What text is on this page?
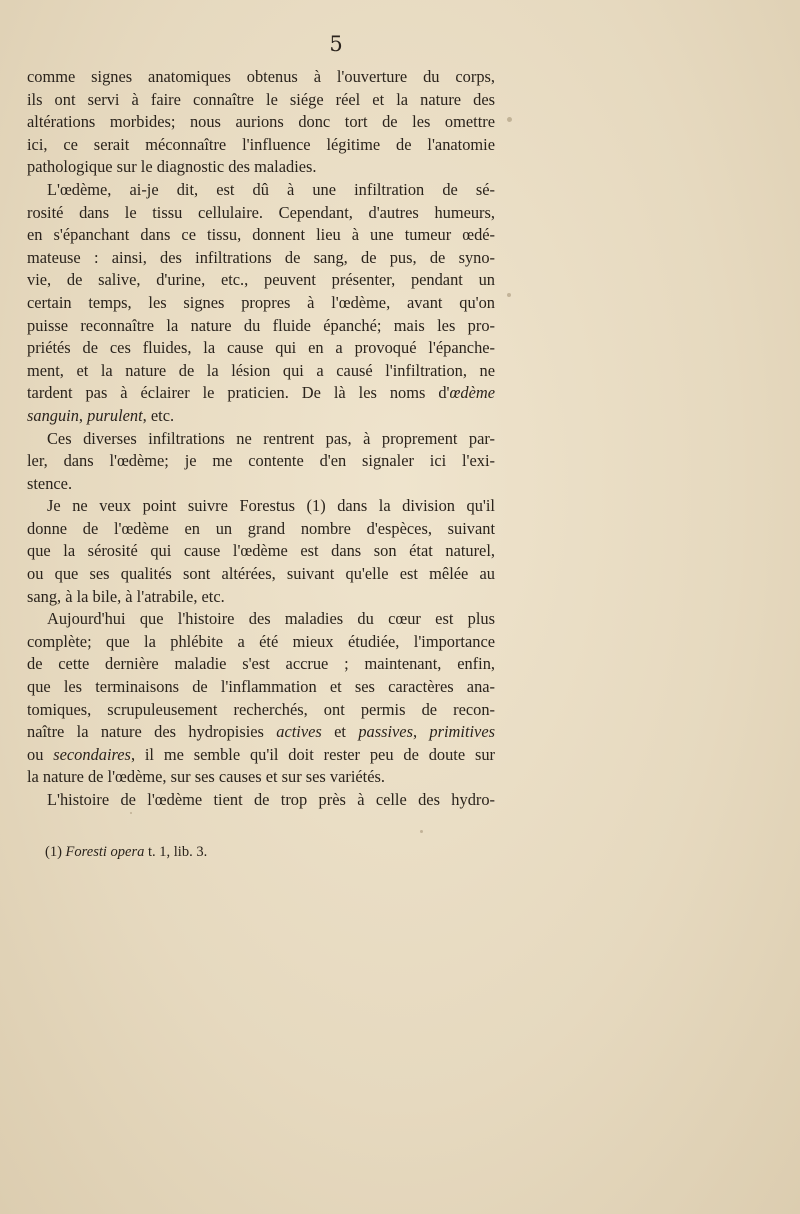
5
comme signes anatomiques obtenus à l'ouverture du corps,
ils ont servi à faire connaître le siége réel et la nature des
altérations morbides; nous aurions donc tort de les omettre
ici, ce serait méconnaître l'influence légitime de l'anatomie
pathologique sur le diagnostic des maladies.
L'œdème, ai-je dit, est dû à une infiltration de sé-
rosité dans le tissu cellulaire. Cependant, d'autres humeurs,
en s'épanchant dans ce tissu, donnent lieu à une tumeur œdé-
mateuse : ainsi, des infiltrations de sang, de pus, de syno-
vie, de salive, d'urine, etc., peuvent présenter, pendant un
certain temps, les signes propres à l'œdème, avant qu'on
puisse reconnaître la nature du fluide épanché; mais les pro-
priétés de ces fluides, la cause qui en a provoqué l'épanche-
ment, et la nature de la lésion qui a causé l'infiltration, ne
tardent pas à éclairer le praticien. De là les noms d'œdème
sanguin, purulent, etc.
Ces diverses infiltrations ne rentrent pas, à proprement par-
ler, dans l'œdème; je me contente d'en signaler ici l'exi-
stence.
Je ne veux point suivre Forestus (1) dans la division qu'il
donne de l'œdème en un grand nombre d'espèces, suivant
que la sérosité qui cause l'œdème est dans son état naturel,
ou que ses qualités sont altérées, suivant qu'elle est mêlée au
sang, à la bile, à l'atrabile, etc.
Aujourd'hui que l'histoire des maladies du cœur est plus
complète; que la phlébite a été mieux étudiée, l'importance
de cette dernière maladie s'est accrue ; maintenant, enfin,
que les terminaisons de l'inflammation et ses caractères ana-
tomiques, scrupuleusement recherchés, ont permis de recon-
naître la nature des hydropisies actives et passives, primitives
ou secondaires, il me semble qu'il doit rester peu de doute sur
la nature de l'œdème, sur ses causes et sur ses variétés.
L'histoire de l'œdème tient de trop près à celle des hydro-
(1) Foresti opera t. 1, lib. 3.
